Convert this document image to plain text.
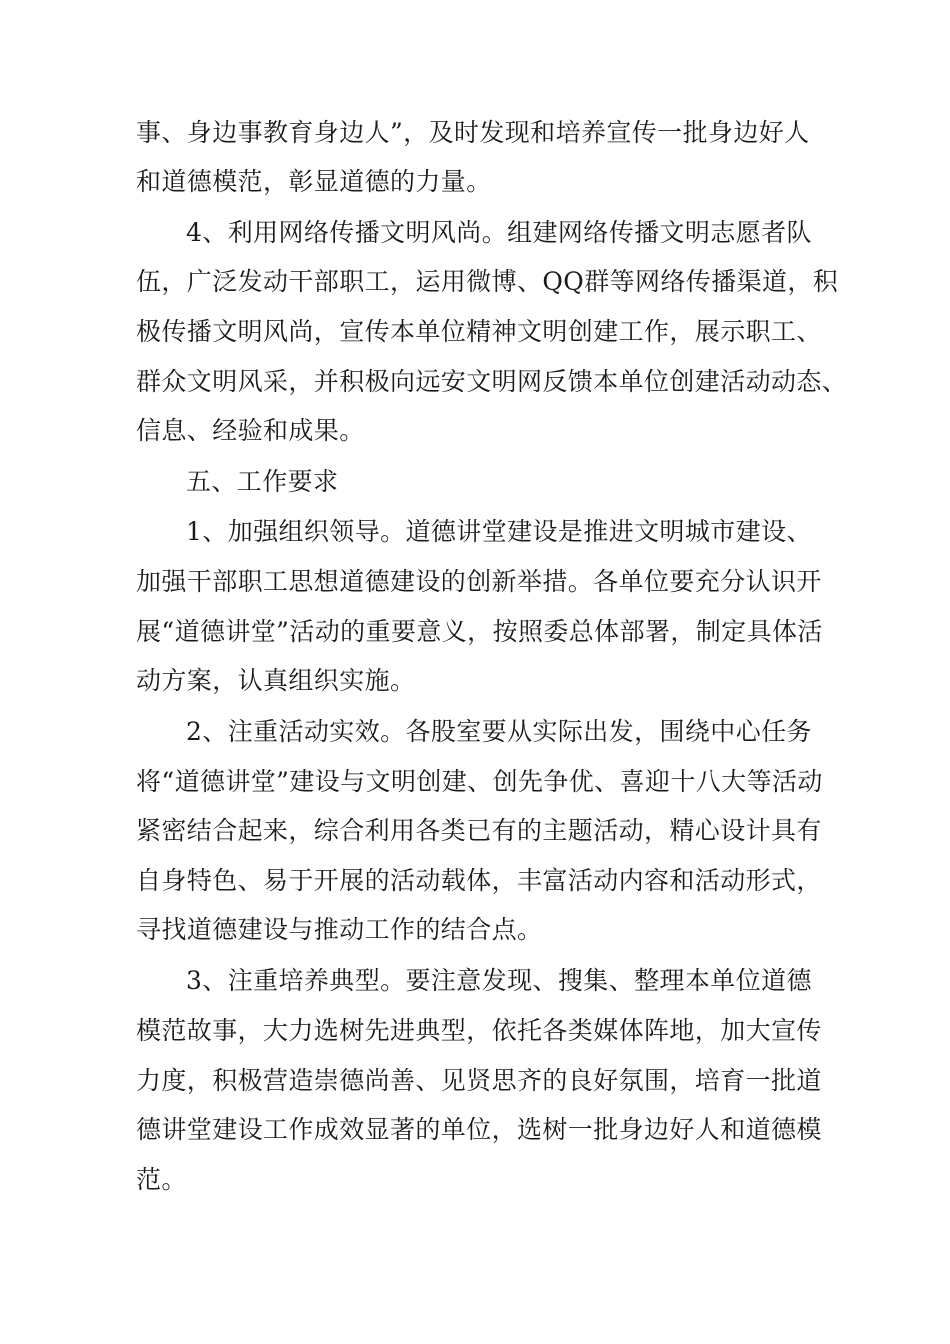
事、身边事教育身边人”，及时发现和培养宣传一批身边好人

和道德模范，彰显道德的力量。

4、利用网络传播文明风尚。组建网络传播文明志愿者队

伍，广泛发动干部职工，运用微博、QQ群等网络传播渠道，积

极传播文明风尚，宣传本单位精神文明创建工作，展示职工、

群众文明风采，并积极向远安文明网反馈本单位创建活动动态、

信息、经验和成果。

五、工作要求

1、加强组织领导。道德讲堂建设是推进文明城市建设、

加强干部职工思想道德建设的创新举措。各单位要充分认识开

展“道德讲堂”活动的重要意义，按照委总体部署，制定具体活

动方案，认真组织实施。

2、注重活动实效。各股室要从实际出发，围绕中心任务

将“道德讲堂”建设与文明创建、创先争优、喜迎十八大等活动

紧密结合起来，综合利用各类已有的主题活动，精心设计具有

自身特色、易于开展的活动载体，丰富活动内容和活动形式，

寻找道德建设与推动工作的结合点。

3、注重培养典型。要注意发现、搜集、整理本单位道德

模范故事，大力选树先进典型，依托各类媒体阵地，加大宣传

力度，积极营造崇德尚善、见贤思齐的良好氛围，培育一批道

德讲堂建设工作成效显著的单位，选树一批身边好人和道德模

范。
